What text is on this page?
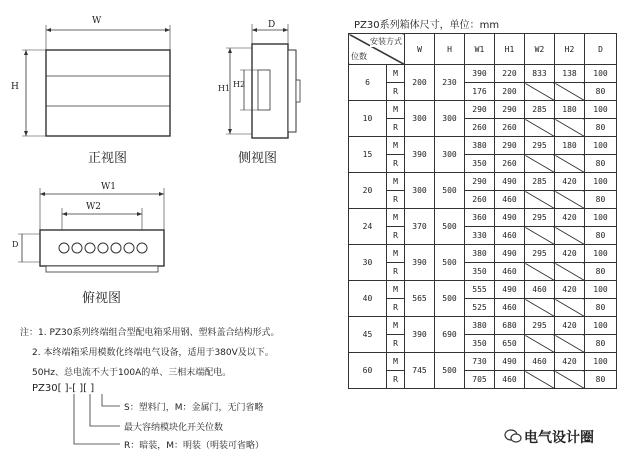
W
H
正视图
D
H1 H2
侧视图
W1
W2
D
俯视图
注：1. PZ30系列终端组合型配电箱采用钢、塑料盖合结构形式。
2. 本终端箱采用模数化终端电气设备，适用于380V及以下。
50Hz、总电流不大于100A的单、三相末端配电。
PZ30[ ]-[ ][ ]
S：塑料门，M：金属门，无门省略
最大容纳模块化开关位数
R：暗装，M：明装（明装可省略）
PZ30系列箱体尺寸，单位：mm
安装方式
位数		W	H	W1	H1	W2	H2	D
6	M	200	230	390	220	833	138	100
	R			176	200			80
10	M	300	300	290	290	285	180	100
	R			260	260			80
15	M	390	300	380	290	295	180	100
	R			350	260			80
20	M	300	500	290	490	285	420	100
	R			260	460			80
24	M	370	500	360	490	295	420	100
	R			330	460			80
30	M	390	500	380	490	295	420	100
	R			350	460			80
40	M	565	500	555	490	460	420	100
	R			525	460			80
45	M	390	690	380	680	295	420	100
	R			350	650			80
60	M	745	500	730	490	460	420	100
	R			705	460			80
电气设计圈
